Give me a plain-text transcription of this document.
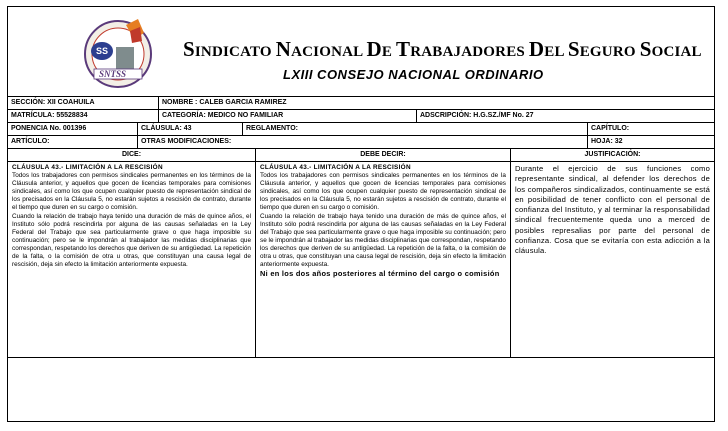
SS
SNTSS
SINDICATO NACIONAL DE TRABAJADORES DEL SEGURO SOCIAL
LXIII CONSEJO NACIONAL ORDINARIO
SECCIÓN: XII COAHUILA	NOMBRE : CALEB GARCIA RAMIREZ
MATRÍCULA: 55528834	CATEGORÍA: MEDICO NO FAMILIAR	ADSCRIPCIÓN: H.G.SZ./MF No. 27
PONENCIA No. 001396	CLÁUSULA: 43	REGLAMENTO:	CAPÍTULO:
ARTÍCULO:	OTRAS MODIFICACIONES:	HOJA: 32
DICE:	DEBE DECIR:	JUSTIFICACIÓN:

CLÁUSULA 43.- LIMITACIÓN A LA RESCISIÓN

Todos los trabajadores con permisos sindicales permanentes en los términos de la Cláusula anterior, y aquellos que gocen de licencias temporales para comisiones sindicales, así como los que ocupen cualquier puesto de representación sindical de los precisados en la Cláusula 5, no estarán sujetos a rescisión de contrato, durante el tiempo que duren en su cargo o comisión.

Cuando la relación de trabajo haya tenido una duración de más de quince años, el Instituto sólo podrá rescindirla por alguna de las causas señaladas en la Ley Federal del Trabajo que sea particularmente grave o que haga imposible su continuación; pero se le impondrán al trabajador las medidas disciplinarias que correspondan, respetando los derechos que deriven de su antigüedad. La repetición de la falta, o la comisión de otra u otras, que constituyan una causa legal de rescisión, deja sin efecto la limitación anteriormente expuesta.

CLÁUSULA 43.- LIMITACIÓN A LA RESCISIÓN

Todos los trabajadores con permisos sindicales permanentes en los términos de la Cláusula anterior, y aquellos que gocen de licencias temporales para comisiones sindicales, así como los que ocupen cualquier puesto de representación sindical de los precisados en la Cláusula 5, no estarán sujetos a rescisión de contrato, durante el tiempo que duren en su cargo o comisión.

Cuando la relación de trabajo haya tenido una duración de más de quince años, el Instituto sólo podrá rescindirla por alguna de las causas señaladas en la Ley Federal del Trabajo que sea particularmente grave o que haga imposible su continuación; pero se le impondrán al trabajador las medidas disciplinarias que correspondan, respetando los derechos que deriven de su antigüedad. La repetición de la falta, o la comisión de otra u otras, que constituyan una causa legal de rescisión, deja sin efecto la limitación anteriormente expuesta.

Ni en los dos años posteriores al término del cargo o comisión

Durante el ejercicio de sus funciones como representante sindical, al defender los derechos de los compañeros sindicalizados, continuamente se está en posibilidad de tener conflicto con el personal de confianza del Instituto, y al terminar la responsabilidad sindical frecuentemente queda uno a merced de posibles represalias por parte del personal de confianza. Cosa que se evitaría con esta adicción a la cláusula.
